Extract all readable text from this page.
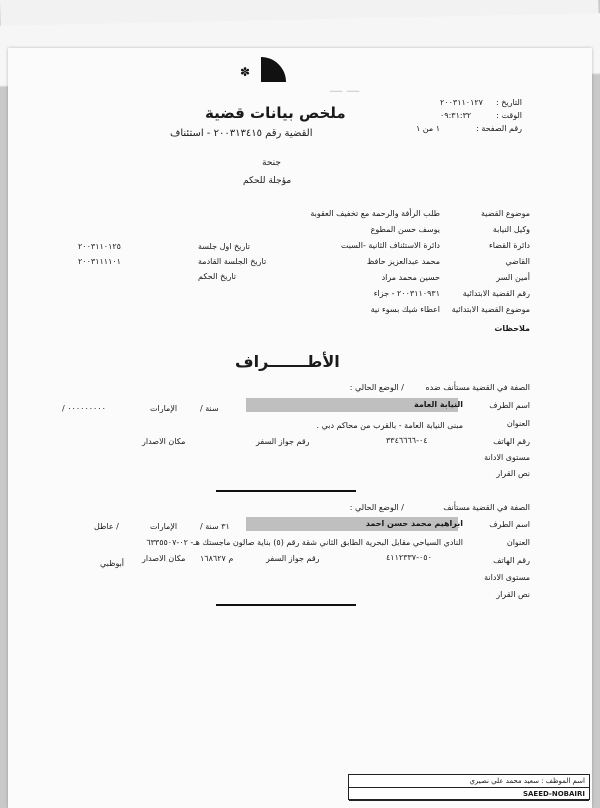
ـــ ـــ
✽
التاريخ :
٢٠٠٣١١٠١٢٧
الوقت :
٠٩:٣١:٣٢
رقم الصفحة :
١ من ١
ملخص بيانات قضية
القضية رقم ٢٠٠٣١٣٤١٥ - استئناف
جنحة
مؤجلة للحكم
موضوع القضية
وكيل النيابة
دائرة القضاء
القاضي
أمين السر
رقم القضية الابتدائية
موضوع القضية الابتدائية
ملاحظات
طلب الرأفة والرحمة مع تخفيف العقوبة
يوسف حسن المطوع
دائرة الاستئناف الثانية -السبت
محمد عبدالعزيز حافظ
حسين محمد مراد
٢٠٠٣١١٠٩٣١ - جزاء
اعطاء شيك بسوء نية
تاريخ اول جلسة
٢٠٠٣١١٠١٢٥
تاريخ الجلسة القادمة
٢٠٠٣١١١١٠١
تاريخ الحكم
الأطـــــــراف
الصفة في القضية
مستأنف ضده
/ الوضع الحالي :
اسم الطرف
النيابة العامة
سنة /
الإمارات
/ ٠٠٠٠٠٠٠٠٠
العنوان
مبنى النيابة العامة - بالقرب من محاكم دبي .
رقم الهاتف
٠٤-٣٣٤٦٦٦٦
رقم جواز السفر
مكان الاصدار
مستوى الادانة
نص القرار
الصفة في القضية
مستأنف
/ الوضع الحالي :
اسم الطرف
ابراهيم محمد حسن احمد
٣١ سنة /
الإمارات
/ عاطل
العنوان
النادي السياحي مقابل البحرية الطابق الثاني شقة رقم (٥) بناية صالون ماجستك هـ- ٠٢-٦٣٣٥٥٠٧
رقم الهاتف
٠٥٠-٤١١٢٣٣٧
رقم جواز السفر
م ١٦٨٦٢٧
مكان الاصدار
أبوظبي
مستوى الادانة
نص القرار
اسم الموظف : سعيد محمد علي نصيري
SAEED-NOBAIRI
